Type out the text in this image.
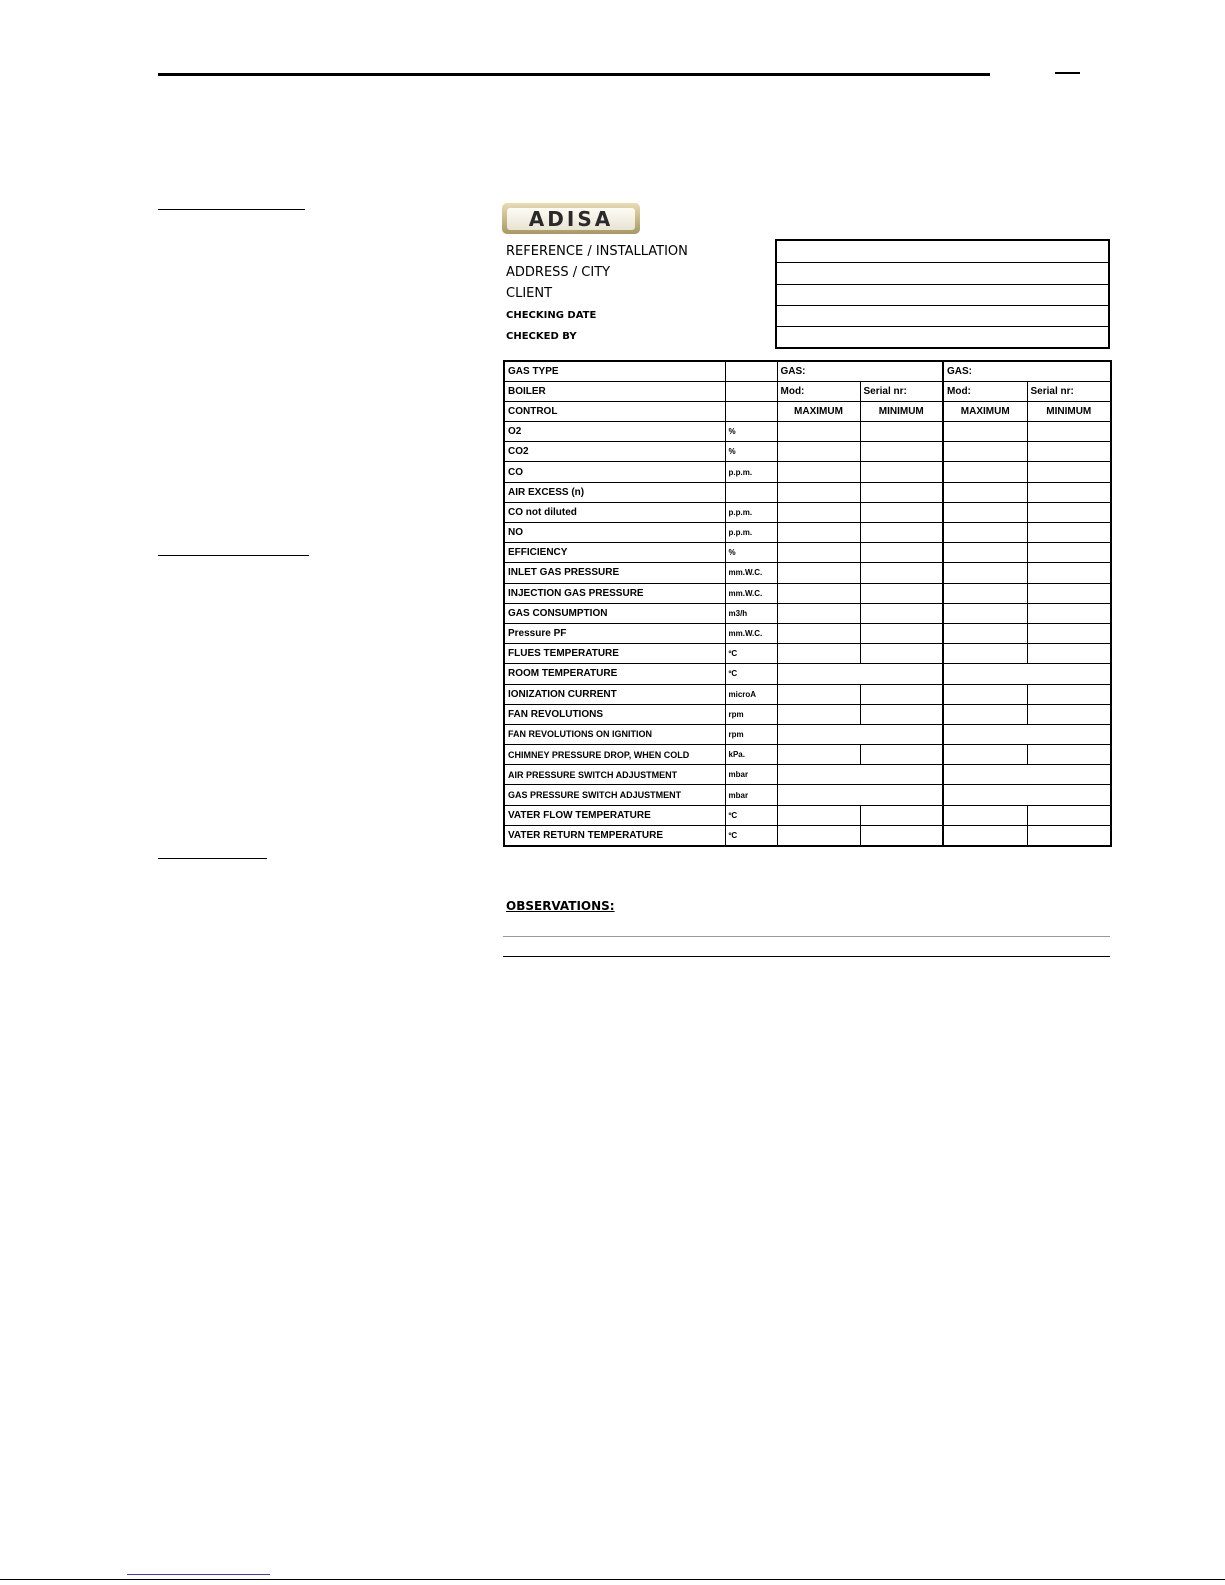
ADISA
REFERENCE / INSTALLATION
ADDRESS / CITY
CLIENT
CHECKING DATE
CHECKED BY
GAS TYPE		GAS:		GAS:	
BOILER		Mod:	Serial nr:	Mod:	Serial nr:
CONTROL		MAXIMUM	MINIMUM	MAXIMUM	MINIMUM
O2	%				
CO2	%				
CO	p.p.m.				
AIR EXCESS (n)					
CO not diluted	p.p.m.				
NO	p.p.m.				
EFFICIENCY	%				
INLET GAS PRESSURE	mm.W.C.				
INJECTION GAS PRESSURE	mm.W.C.				
GAS CONSUMPTION	m3/h				
Pressure PF	mm.W.C.				
FLUES TEMPERATURE	ºC				
ROOM TEMPERATURE	ºC				
IONIZATION CURRENT	microA				
FAN REVOLUTIONS	rpm				
FAN REVOLUTIONS ON IGNITION	rpm				
CHIMNEY PRESSURE DROP, WHEN COLD	kPa.				
AIR PRESSURE SWITCH ADJUSTMENT	mbar				
GAS PRESSURE SWITCH ADJUSTMENT	mbar				
VATER FLOW TEMPERATURE	ºC				
VATER RETURN TEMPERATURE	ºC				
OBSERVATIONS:
